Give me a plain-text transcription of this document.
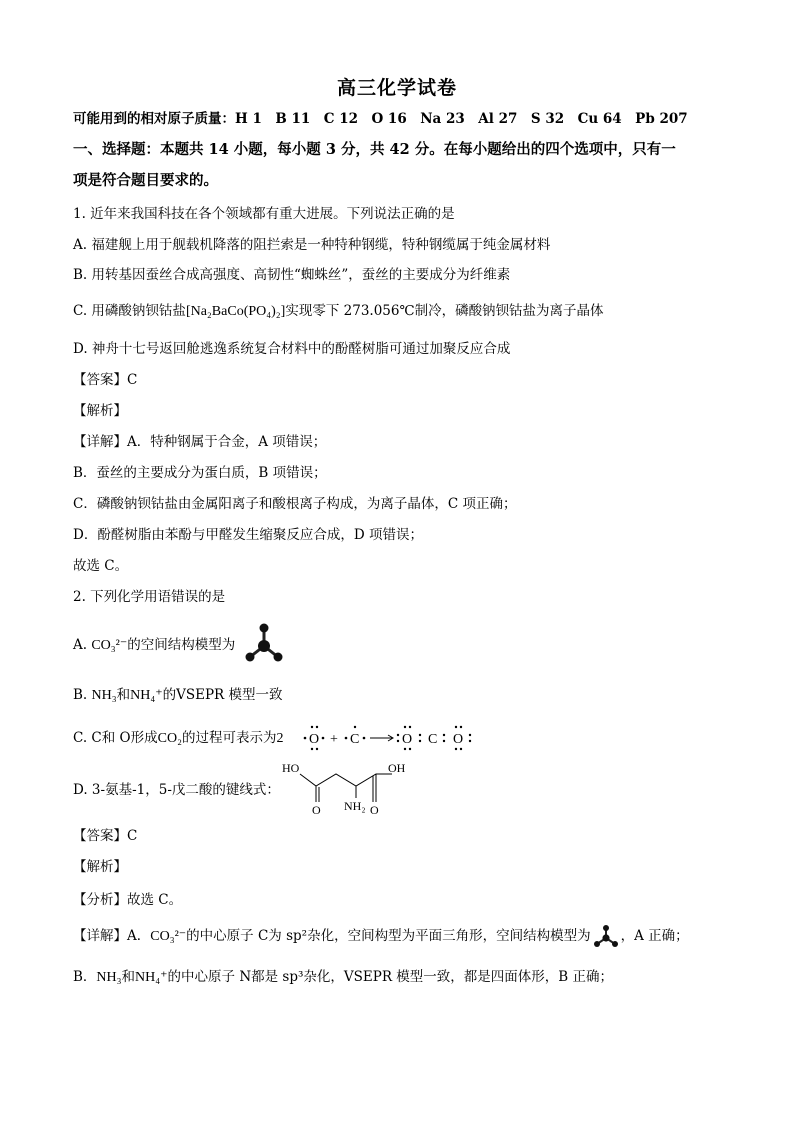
高三化学试卷
可能用到的相对原子质量：H 1　B 11　C 12　O 16　Na 23　Al 27　S 32　Cu 64　Pb 207
一、选择题：本题共 14 小题，每小题 3 分，共 42 分。在每小题给出的四个选项中，只有一
项是符合题目要求的。
1. 近年来我国科技在各个领域都有重大进展。下列说法正确的是
A. 福建舰上用于舰载机降落的阻拦索是一种特种钢缆，特种钢缆属于纯金属材料
B. 用转基因蚕丝合成高强度、高韧性“蜘蛛丝”，蚕丝的主要成分为纤维素
C. 用磷酸钠钡钴盐[Na₂BaCo(PO₄)₂]实现零下 273.056℃制冷，磷酸钠钡钴盐为离子晶体
D. 神舟十七号返回舱逃逸系统复合材料中的酚醛树脂可通过加聚反应合成
【答案】C
【解析】
【详解】A．特种钢属于合金，A 项错误；
B．蚕丝的主要成分为蛋白质，B 项错误；
C．磷酸钠钡钴盐由金属阳离子和酸根离子构成，为离子晶体，C 项正确；
D．酚醛树脂由苯酚与甲醛发生缩聚反应合成，D 项错误；
故选 C。
2. 下列化学用语错误的是
A. CO₃²⁻的空间结构模型为
B. NH₃和NH₄⁺的VSEPR 模型一致
C. C和 O形成CO₂的过程可表示为2 O + C	O C O
D. 3-氨基-1，5-戊二酸的键线式：
HO	OH
O NH₂ O
【答案】C
【解析】
【分析】故选 C。
【详解】A．CO₃²⁻的中心原子 C为 sp²杂化，空间构型为平面三角形，空间结构模型为 ，A 正确；
B．NH₃和NH₄⁺的中心原子 N都是 sp³杂化，VSEPR 模型一致，都是四面体形，B 正确；
